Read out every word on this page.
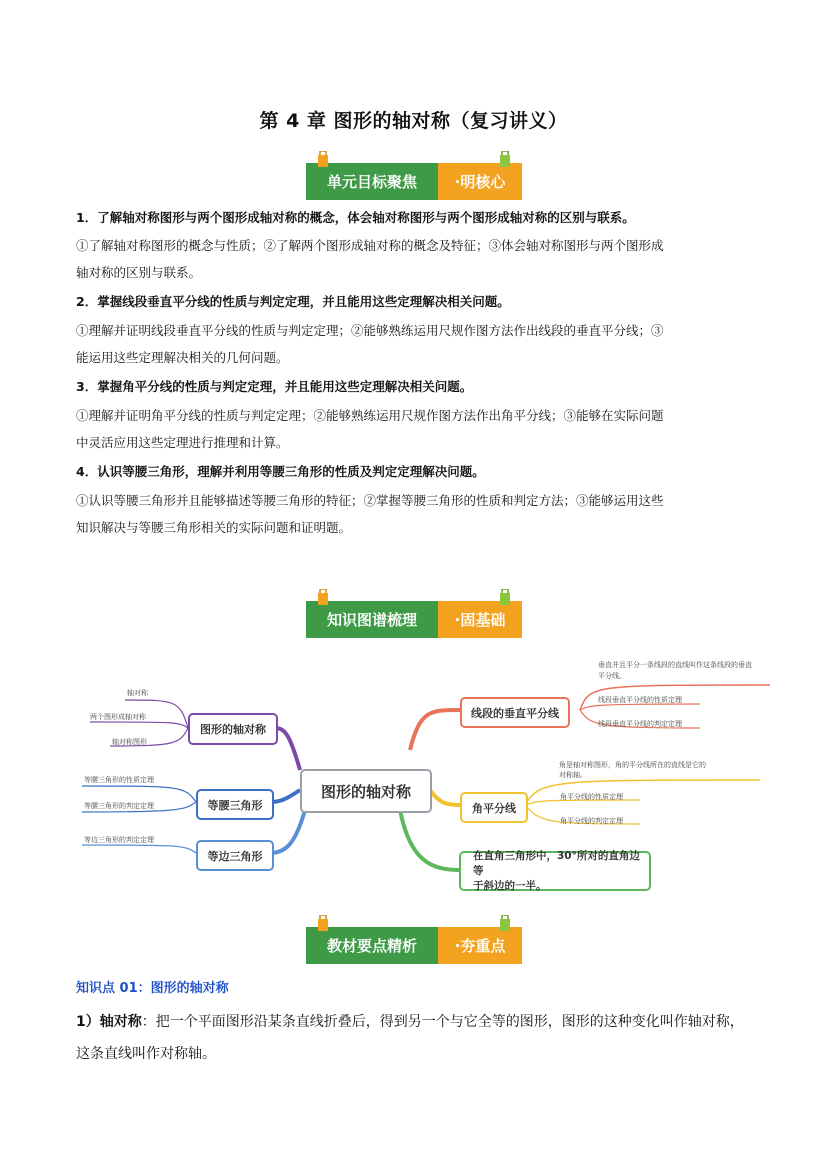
第 4 章 图形的轴对称（复习讲义）
单元目标聚焦	·明核心
1．了解轴对称图形与两个图形成轴对称的概念，体会轴对称图形与两个图形成轴对称的区别与联系。
①了解轴对称图形的概念与性质；②了解两个图形成轴对称的概念及特征；③体会轴对称图形与两个图形成
轴对称的区别与联系。
2．掌握线段垂直平分线的性质与判定定理，并且能用这些定理解决相关问题。
①理解并证明线段垂直平分线的性质与判定定理；②能够熟练运用尺规作图方法作出线段的垂直平分线；③
能运用这些定理解决相关的几何问题。
3．掌握角平分线的性质与判定定理，并且能用这些定理解决相关问题。
①理解并证明角平分线的性质与判定定理；②能够熟练运用尺规作图方法作出角平分线；③能够在实际问题
中灵活应用这些定理进行推理和计算。
4．认识等腰三角形，理解并利用等腰三角形的性质及判定定理解决问题。
①认识等腰三角形并且能够描述等腰三角形的特征；②掌握等腰三角形的性质和判定方法；③能够运用这些
知识解决与等腰三角形相关的实际问题和证明题。
知识图谱梳理	·固基础
图形的轴对称
图形的轴对称
轴对称
两个图形成轴对称
轴对称图形
等腰三角形
等腰三角形的性质定理
等腰三角形的判定定理
等边三角形
等边三角形的判定定理
线段的垂直平分线
垂直并且平分一条线段的直线叫作这条线段的垂直
平分线。
线段垂直平分线的性质定理
线段垂直平分线的判定定理
角平分线
角是轴对称图形，角的平分线所在的直线是它的
对称轴。
角平分线的性质定理
角平分线的判定定理
在直角三角形中，30°所对的直角边等
于斜边的一半。
教材要点精析	·夯重点
知识点 01：图形的轴对称
1）轴对称：把一个平面图形沿某条直线折叠后，得到另一个与它全等的图形，图形的这种变化叫作轴对称，
这条直线叫作对称轴。
